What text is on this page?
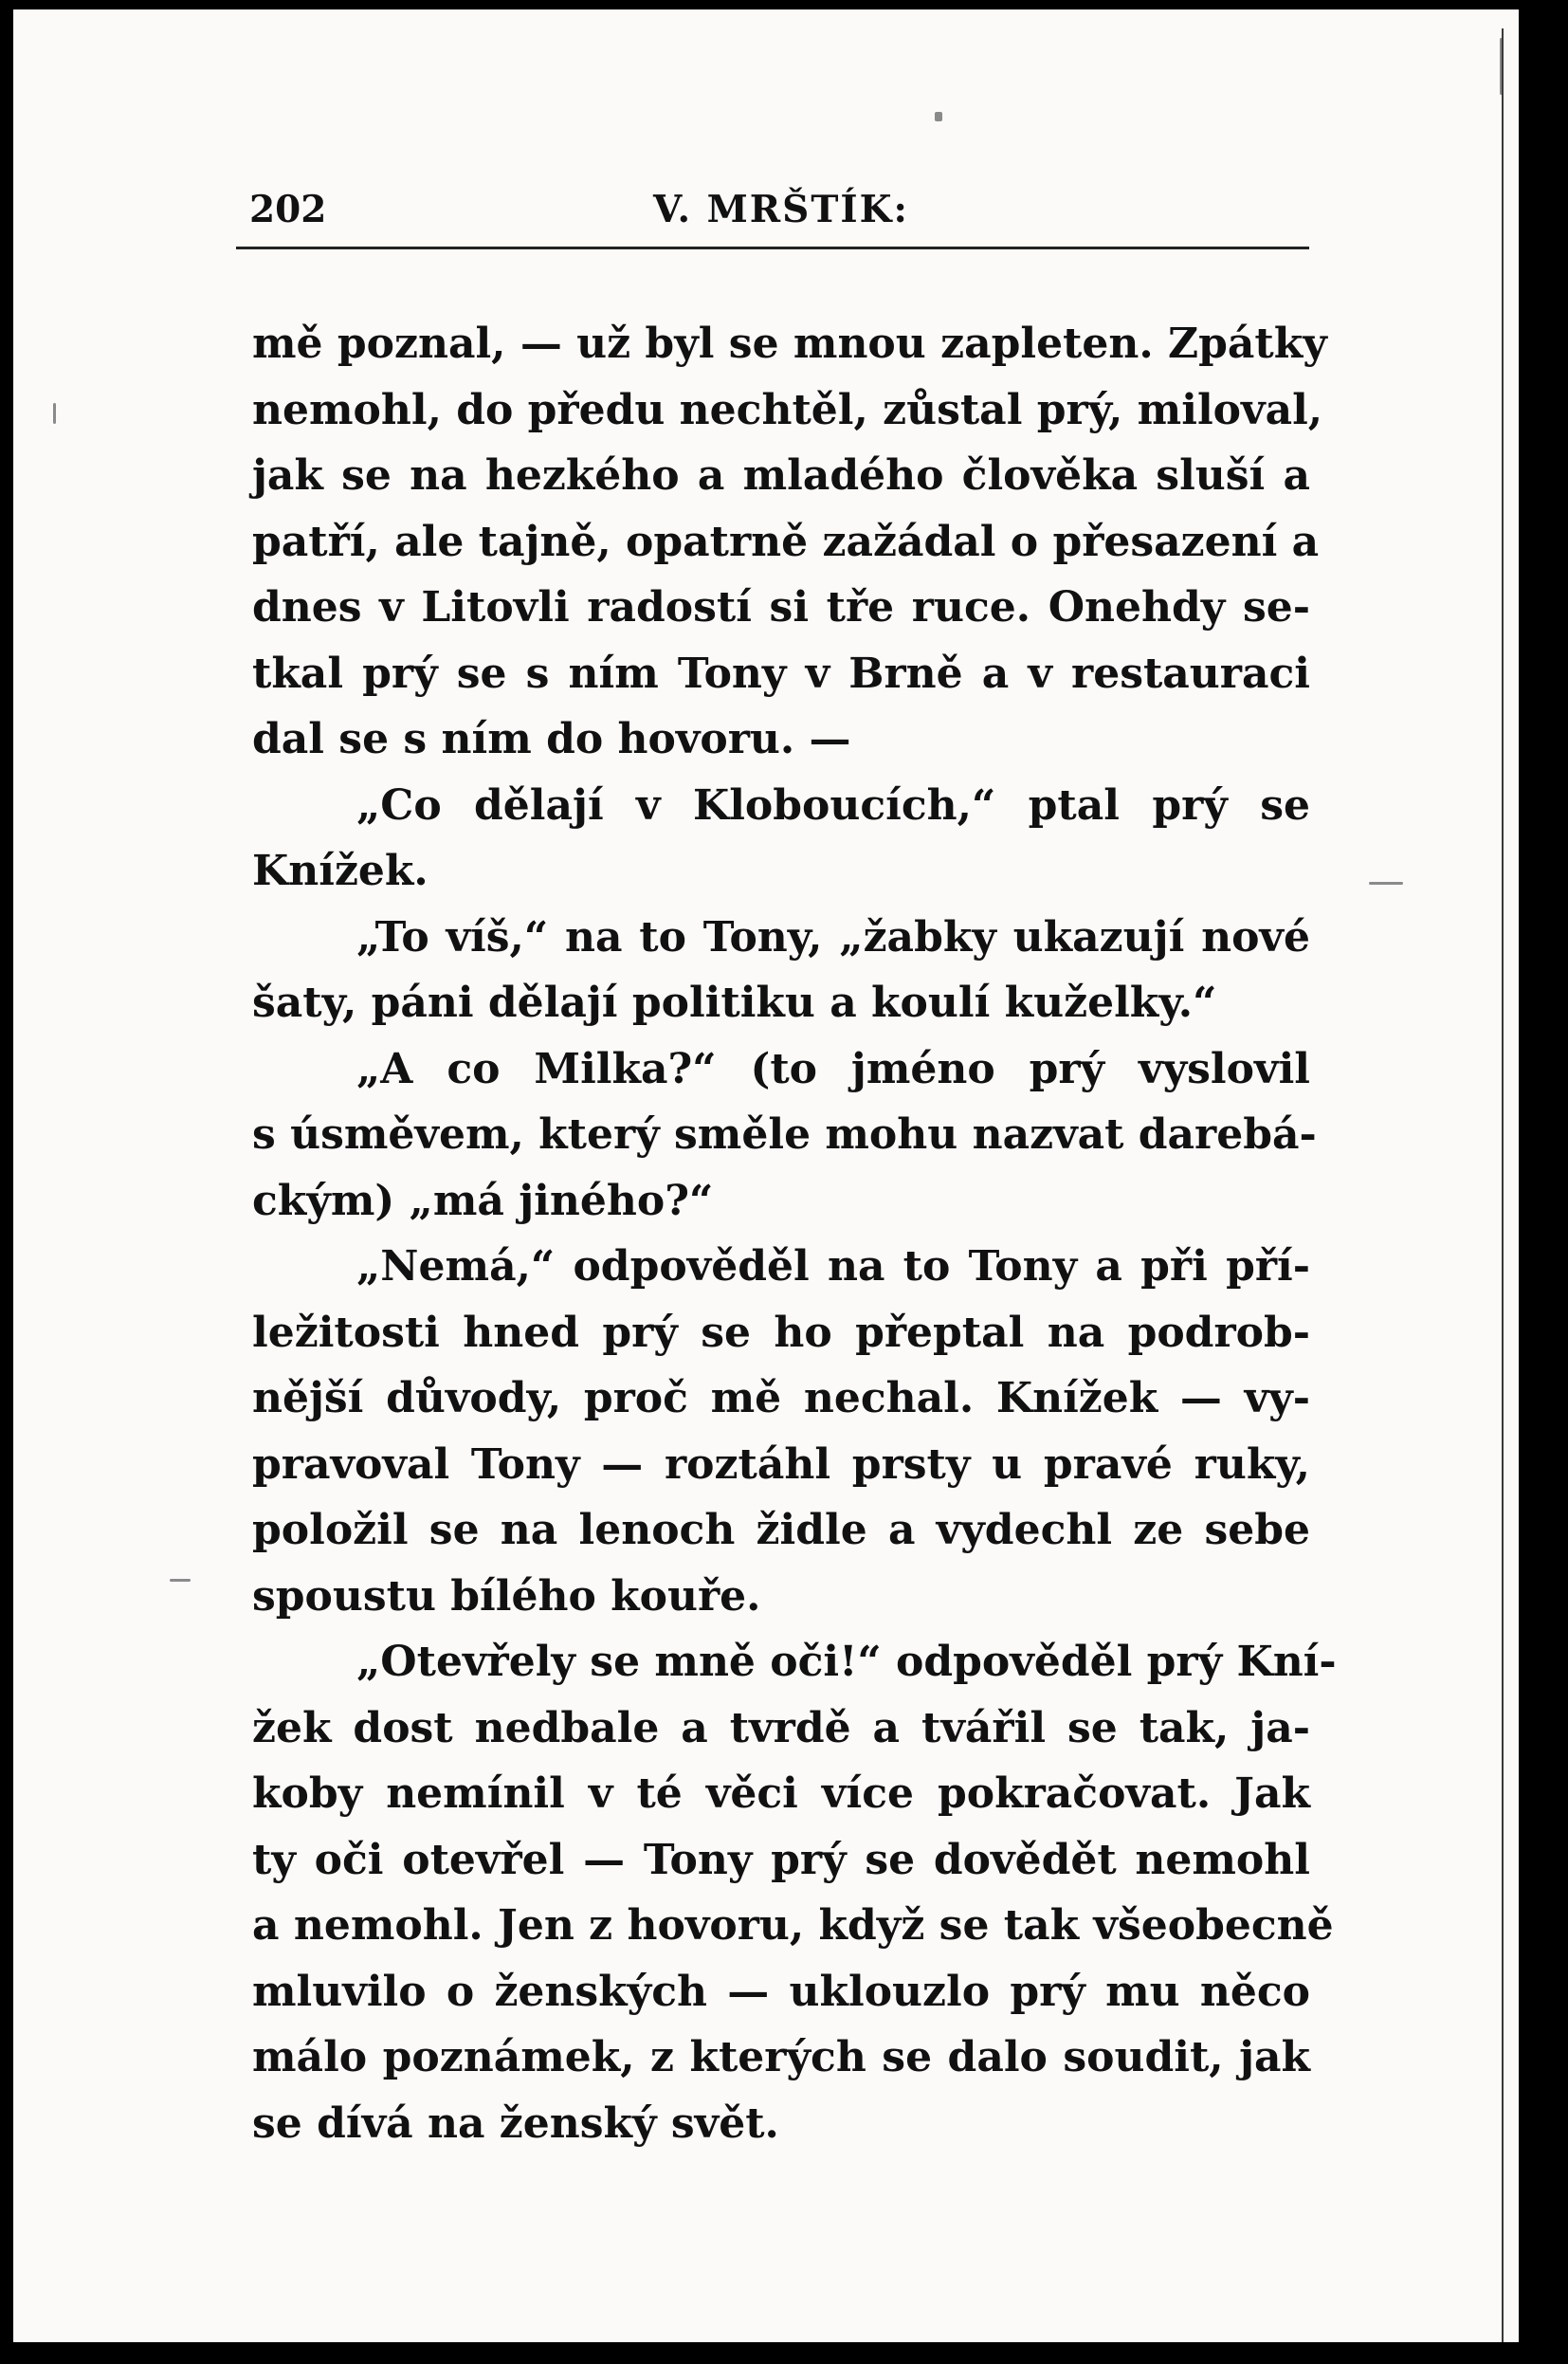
202	V. MRŠTÍK:
mě poznal, — už byl se mnou zapleten. Zpátky
nemohl, do předu nechtěl, zůstal prý, miloval,
jak se na hezkého a mladého člověka sluší a
patří, ale tajně, opatrně zažádal o přesazení a
dnes v Litovli radostí si tře ruce. Onehdy se-
tkal prý se s ním Tony v Brně a v restauraci
dal se s ním do hovoru. —
„Co dělají v Kloboucích,“ ptal prý se
Knížek.
„To víš,“ na to Tony, „žabky ukazují nové
šaty, páni dělají politiku a koulí kuželky.“
„A co Milka?“ (to jméno prý vyslovil
s úsměvem, který směle mohu nazvat darebá-
ckým) „má jiného?“
„Nemá,“ odpověděl na to Tony a při pří-
ležitosti hned prý se ho přeptal na podrob-
nější důvody, proč mě nechal. Knížek — vy-
pravoval Tony — roztáhl prsty u pravé ruky,
položil se na lenoch židle a vydechl ze sebe
spoustu bílého kouře.
„Otevřely se mně oči!“ odpověděl prý Kní-
žek dost nedbale a tvrdě a tvářil se tak, ja-
koby nemínil v té věci více pokračovat. Jak
ty oči otevřel — Tony prý se dovědět nemohl
a nemohl. Jen z hovoru, když se tak všeobecně
mluvilo o ženských — uklouzlo prý mu něco
málo poznámek, z kterých se dalo soudit, jak
se dívá na ženský svět.
